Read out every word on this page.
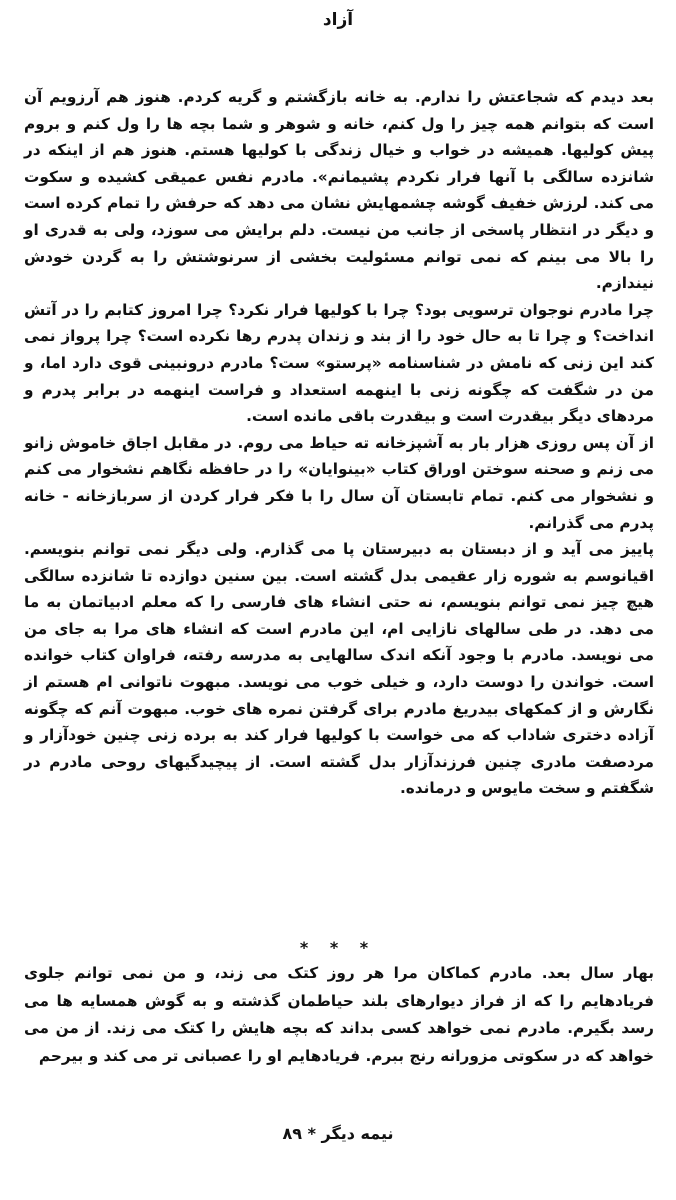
آزاد

بعد دیدم که شجاعتش را ندارم. به خانه بازگشتم و گریه کردم. هنوز هم آرزویم آن است که بتوانم همه چیز را ول کنم، خانه و شوهر و شما بچه ها را ول کنم و بروم پیش کولیها. همیشه در خواب و خیال زندگی با کولیها هستم. هنوز هم از اینکه در شانزده سالگی با آنها فرار نکردم پشیمانم». مادرم نفس عمیقی کشیده و سکوت می کند. لرزش خفیف گوشه چشمهایش نشان می دهد که حرفش را تمام کرده است و دیگر در انتظار پاسخی از جانب من نیست. دلم برایش می سوزد، ولی به قدری او را بالا می بینم که نمی توانم مسئولیت بخشی از سرنوشتش را به گردن خودش نیندازم.

چرا مادرم نوجوان ترسویی بود؟ چرا با کولیها فرار نکرد؟ چرا امروز کتابم را در آتش انداخت؟ و چرا تا به حال خود را از بند و زندان پدرم رها نکرده است؟ چرا پرواز نمی کند این زنی که نامش در شناسنامه «پرستو» ست؟ مادرم درونبینی قوی دارد اما، و من در شگفت که چگونه زنی با اینهمه استعداد و فراست اینهمه در برابر پدرم و مردهای دیگر بیقدرت است و بیقدرت باقی مانده است.

از آن پس روزی هزار بار به آشپزخانه ته حیاط می روم. در مقابل اجاق خاموش زانو می زنم و صحنه سوختن اوراق کتاب «بینوایان» را در حافظه نگاهم نشخوار می کنم و نشخوار می کنم. تمام تابستان آن سال را با فکر فرار کردن از سربازخانه - خانه پدرم می گذرانم.

پاییز می آید و از دبستان به دبیرستان پا می گذارم. ولی دیگر نمی توانم بنویسم. اقیانوسم به شوره زار عقیمی بدل گشته است. بین سنین دوازده تا شانزده سالگی هیچ چیز نمی توانم بنویسم، نه حتی انشاء های فارسی را که معلم ادبیاتمان به ما می دهد. در طی سالهای نازایی ام، این مادرم است که انشاء های مرا به جای من می نویسد. مادرم با وجود آنکه اندک سالهایی به مدرسه رفته، فراوان کتاب خوانده است. خواندن را دوست دارد، و خیلی خوب می نویسد. مبهوت ناتوانی ام هستم از نگارش و از کمکهای بیدریغ مادرم برای گرفتن نمره های خوب. مبهوت آنم که چگونه آزاده دختری شاداب که می خواست با کولیها فرار کند به برده زنی چنین خودآزار و مردصفت مادری چنین فرزندآزار بدل گشته است. از پیچیدگیهای روحی مادرم در شگفتم و سخت مایوس و درمانده.

* * *

بهار سال بعد. مادرم کماکان مرا هر روز کتک می زند، و من نمی توانم جلوی فریادهایم را که از فراز دیوارهای بلند حیاطمان گذشته و به گوش همسایه ها می رسد بگیرم. مادرم نمی خواهد کسی بداند که بچه هایش را کتک می زند. از من می خواهد که در سکوتی مزورانه رنج ببرم. فریادهایم او را عصبانی تر می کند و بیرحم

نیمه دیگر * ۸۹
